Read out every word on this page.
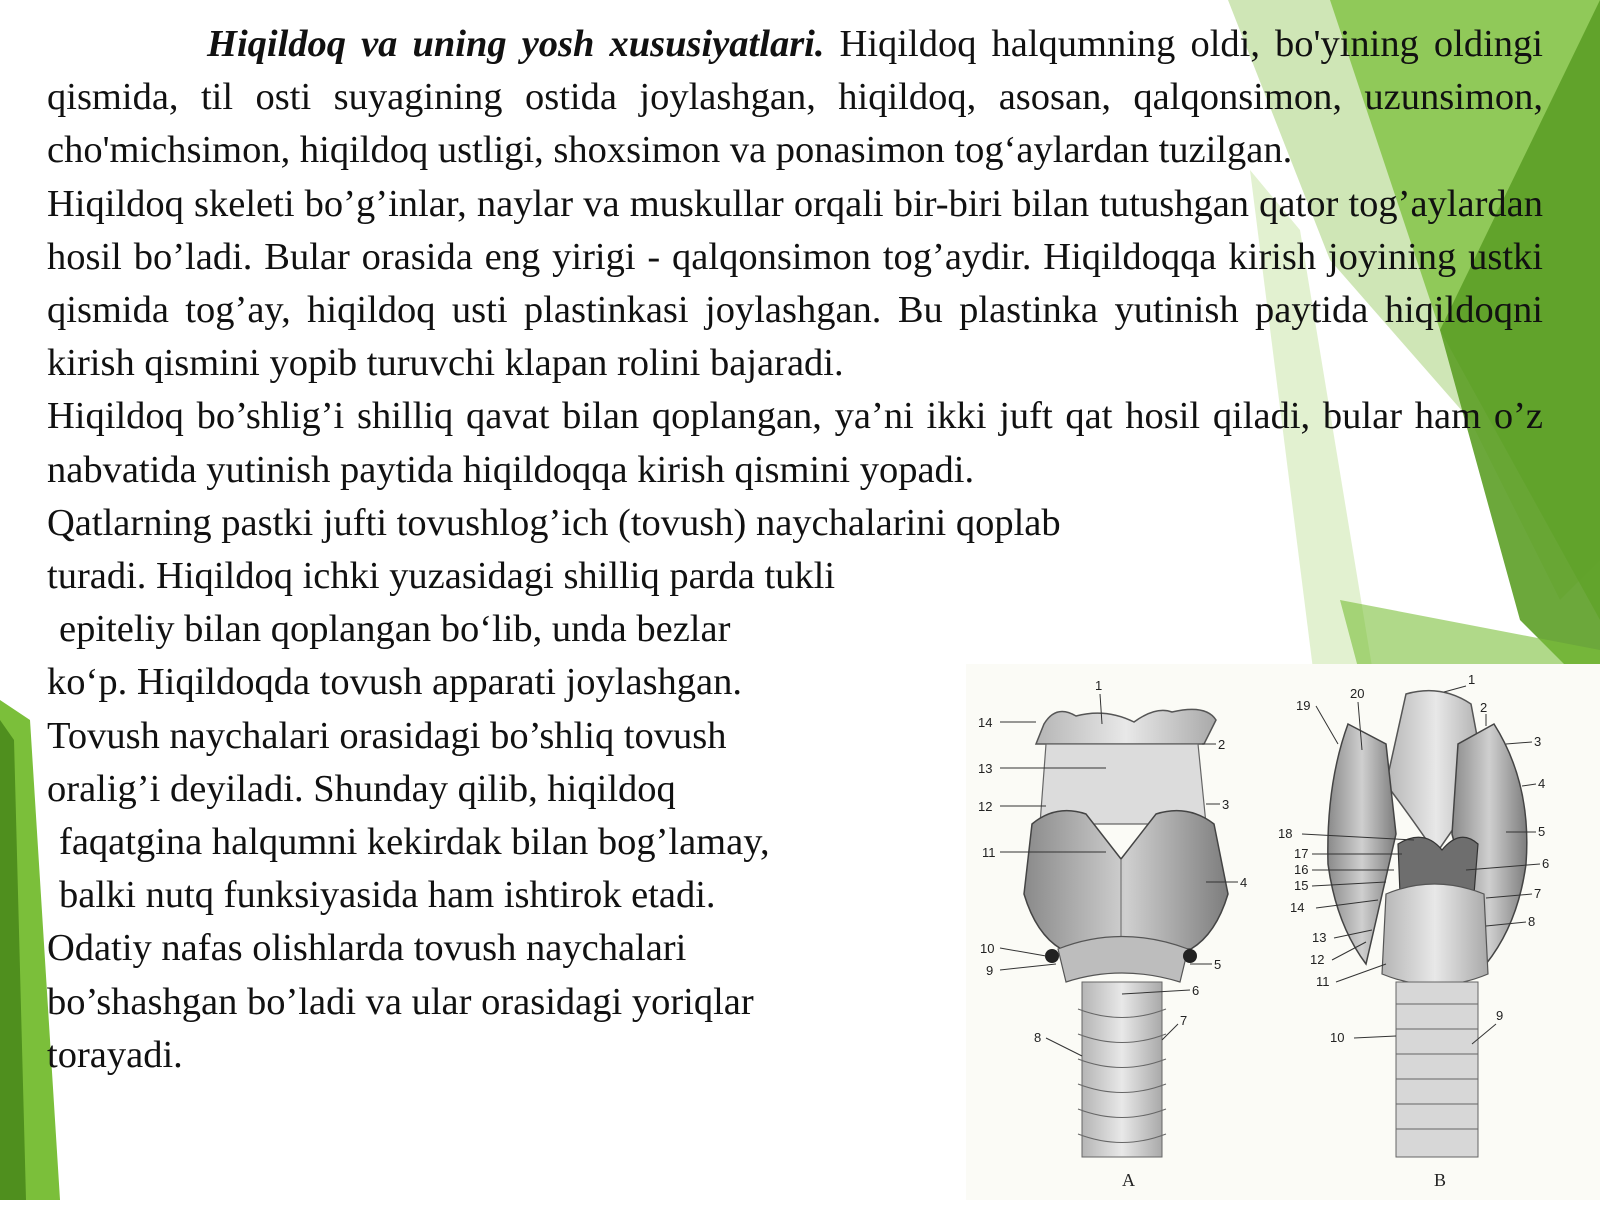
Hiqildoq va uning yosh xususiyatlari. Hiqildoq halqumning oldi, bo'yining oldingi qismida, til osti suyagining ostida joylashgan, hiqildoq, asosan, qalqonsimon, uzunsimon, cho'michsimon, hiqildoq ustligi, shoxsimon va ponasimon tog‘aylardan tuzilgan.

Hiqildoq skeleti bo’g’inlar, naylar va muskullar orqali bir-biri bilan tutushgan qator tog’aylardan hosil bo’ladi. Bular orasida eng yirigi - qalqonsimon tog’aydir. Hiqildoqqa kirish joyining ustki qismida tog’ay, hiqildoq usti plastinkasi joylashgan. Bu plastinka yutinish paytida hiqildoqni kirish qismini yopib turuvchi klapan rolini bajaradi.

Hiqildoq bo’shlig’i shilliq qavat bilan qoplangan, ya’ni ikki juft qat hosil qiladi, bular ham o’z nabvatida yutinish paytida hiqildoqqa kirish qismini yopadi.

Qatlarning pastki jufti tovushlog’ich (tovush) naychalarini qoplab
turadi. Hiqildoq ichki yuzasidagi shilliq parda tukli
epiteliy bilan qoplangan bo‘lib, unda bezlar
ko‘p. Hiqildoqda tovush apparati joylashgan.
Tovush naychalari orasidagi bo’shliq tovush
oralig’i deyiladi. Shunday qilib, hiqildoq
faqatgina halqumni kekirdak bilan bog’lamay,
balki nutq funksiyasida ham ishtirok etadi.
Odatiy nafas olishlarda tovush naychalari
bo’shashgan bo’ladi va ular orasidagi yoriqlar
torayadi.
1
2
3
4
5
6
7
8
9
10
11
12
13
14
A
1
2
3
4
5
6
7
8
9
10
11
12
13
14
15
16
17
18
19
20
B
